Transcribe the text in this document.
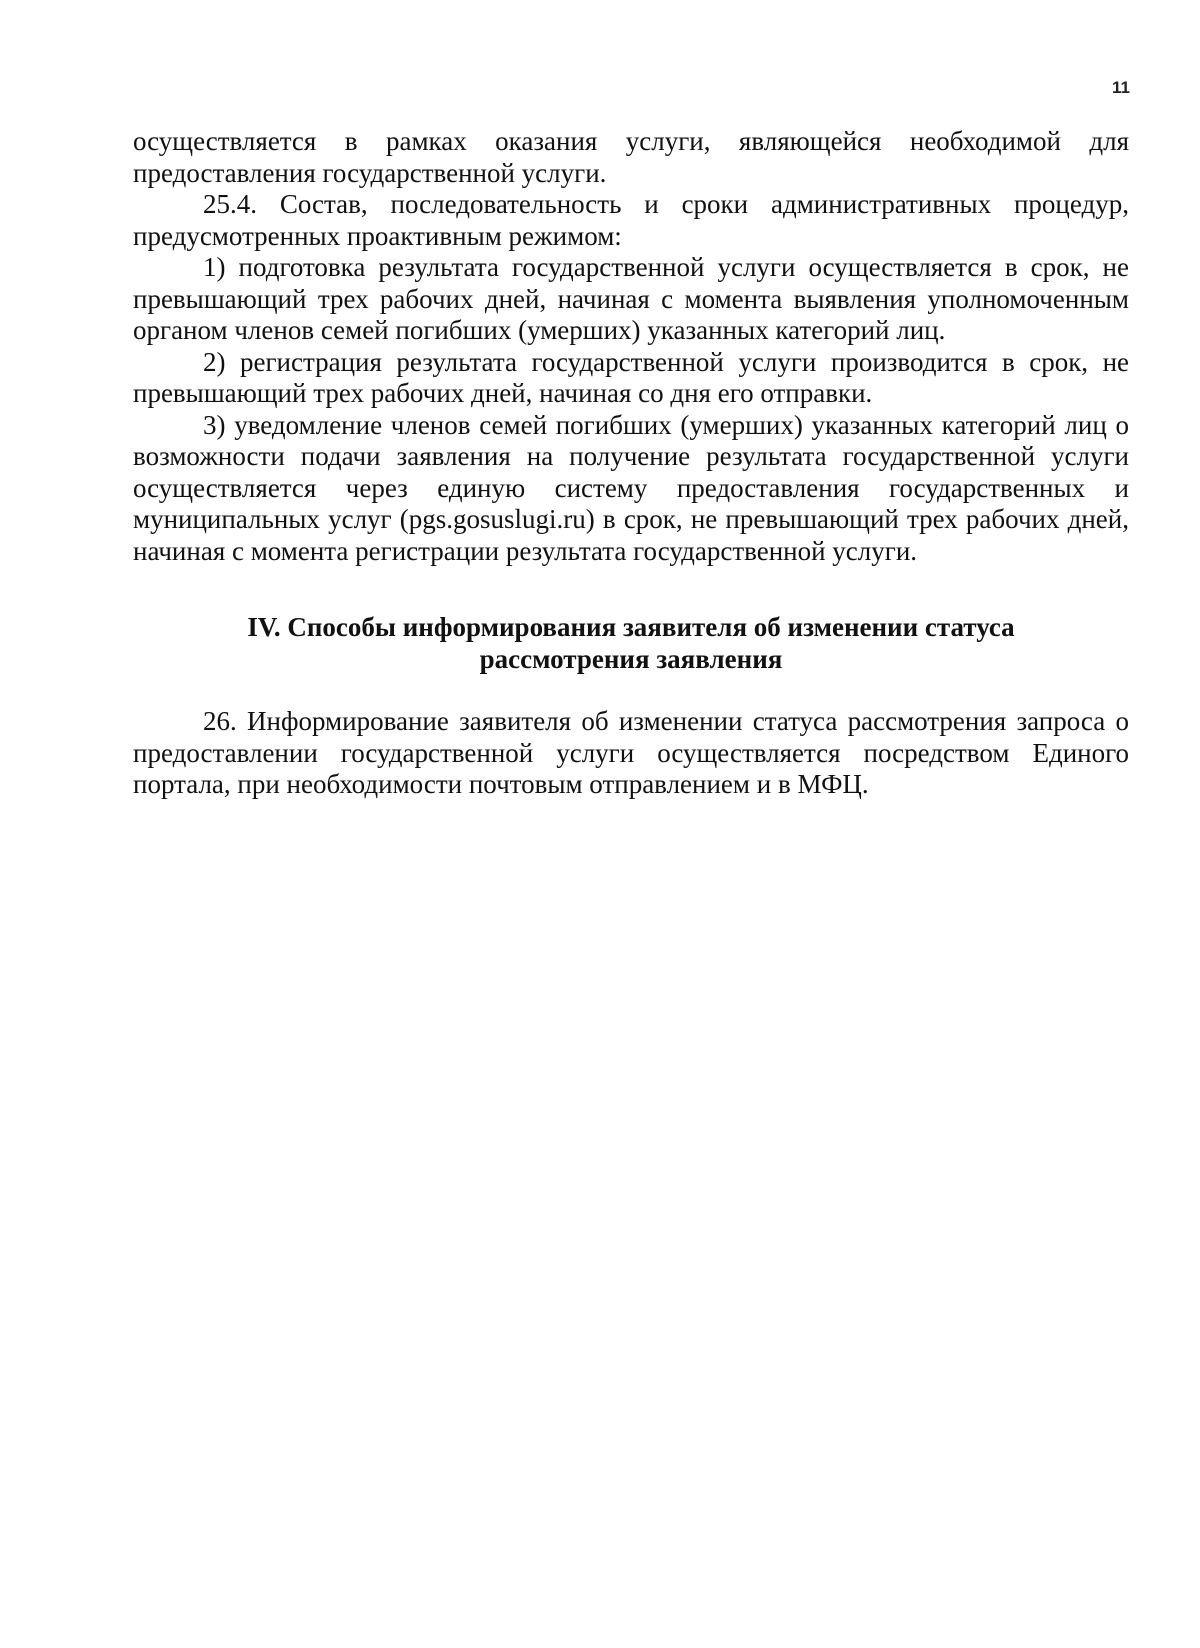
11

осуществляется в рамках оказания услуги, являющейся необходимой для предоставления государственной услуги.

25.4. Состав, последовательность и сроки административных процедур, предусмотренных проактивным режимом:

1) подготовка результата государственной услуги осуществляется в срок, не превышающий трех рабочих дней, начиная с момента выявления уполномоченным органом членов семей погибших (умерших) указанных категорий лиц.

2) регистрация результата государственной услуги производится в срок, не превышающий трех рабочих дней, начиная со дня его отправки.

3) уведомление членов семей погибших (умерших) указанных категорий лиц о возможности подачи заявления на получение результата государственной услуги осуществляется через единую систему предоставления государственных и муниципальных услуг (pgs.gosuslugi.ru) в срок, не превышающий трех рабочих дней, начиная с момента регистрации результата государственной услуги.

IV. Способы информирования заявителя об изменении статуса
рассмотрения заявления

26. Информирование заявителя об изменении статуса рассмотрения запроса о предоставлении государственной услуги осуществляется посредством Единого портала, при необходимости почтовым отправлением и в МФЦ.
